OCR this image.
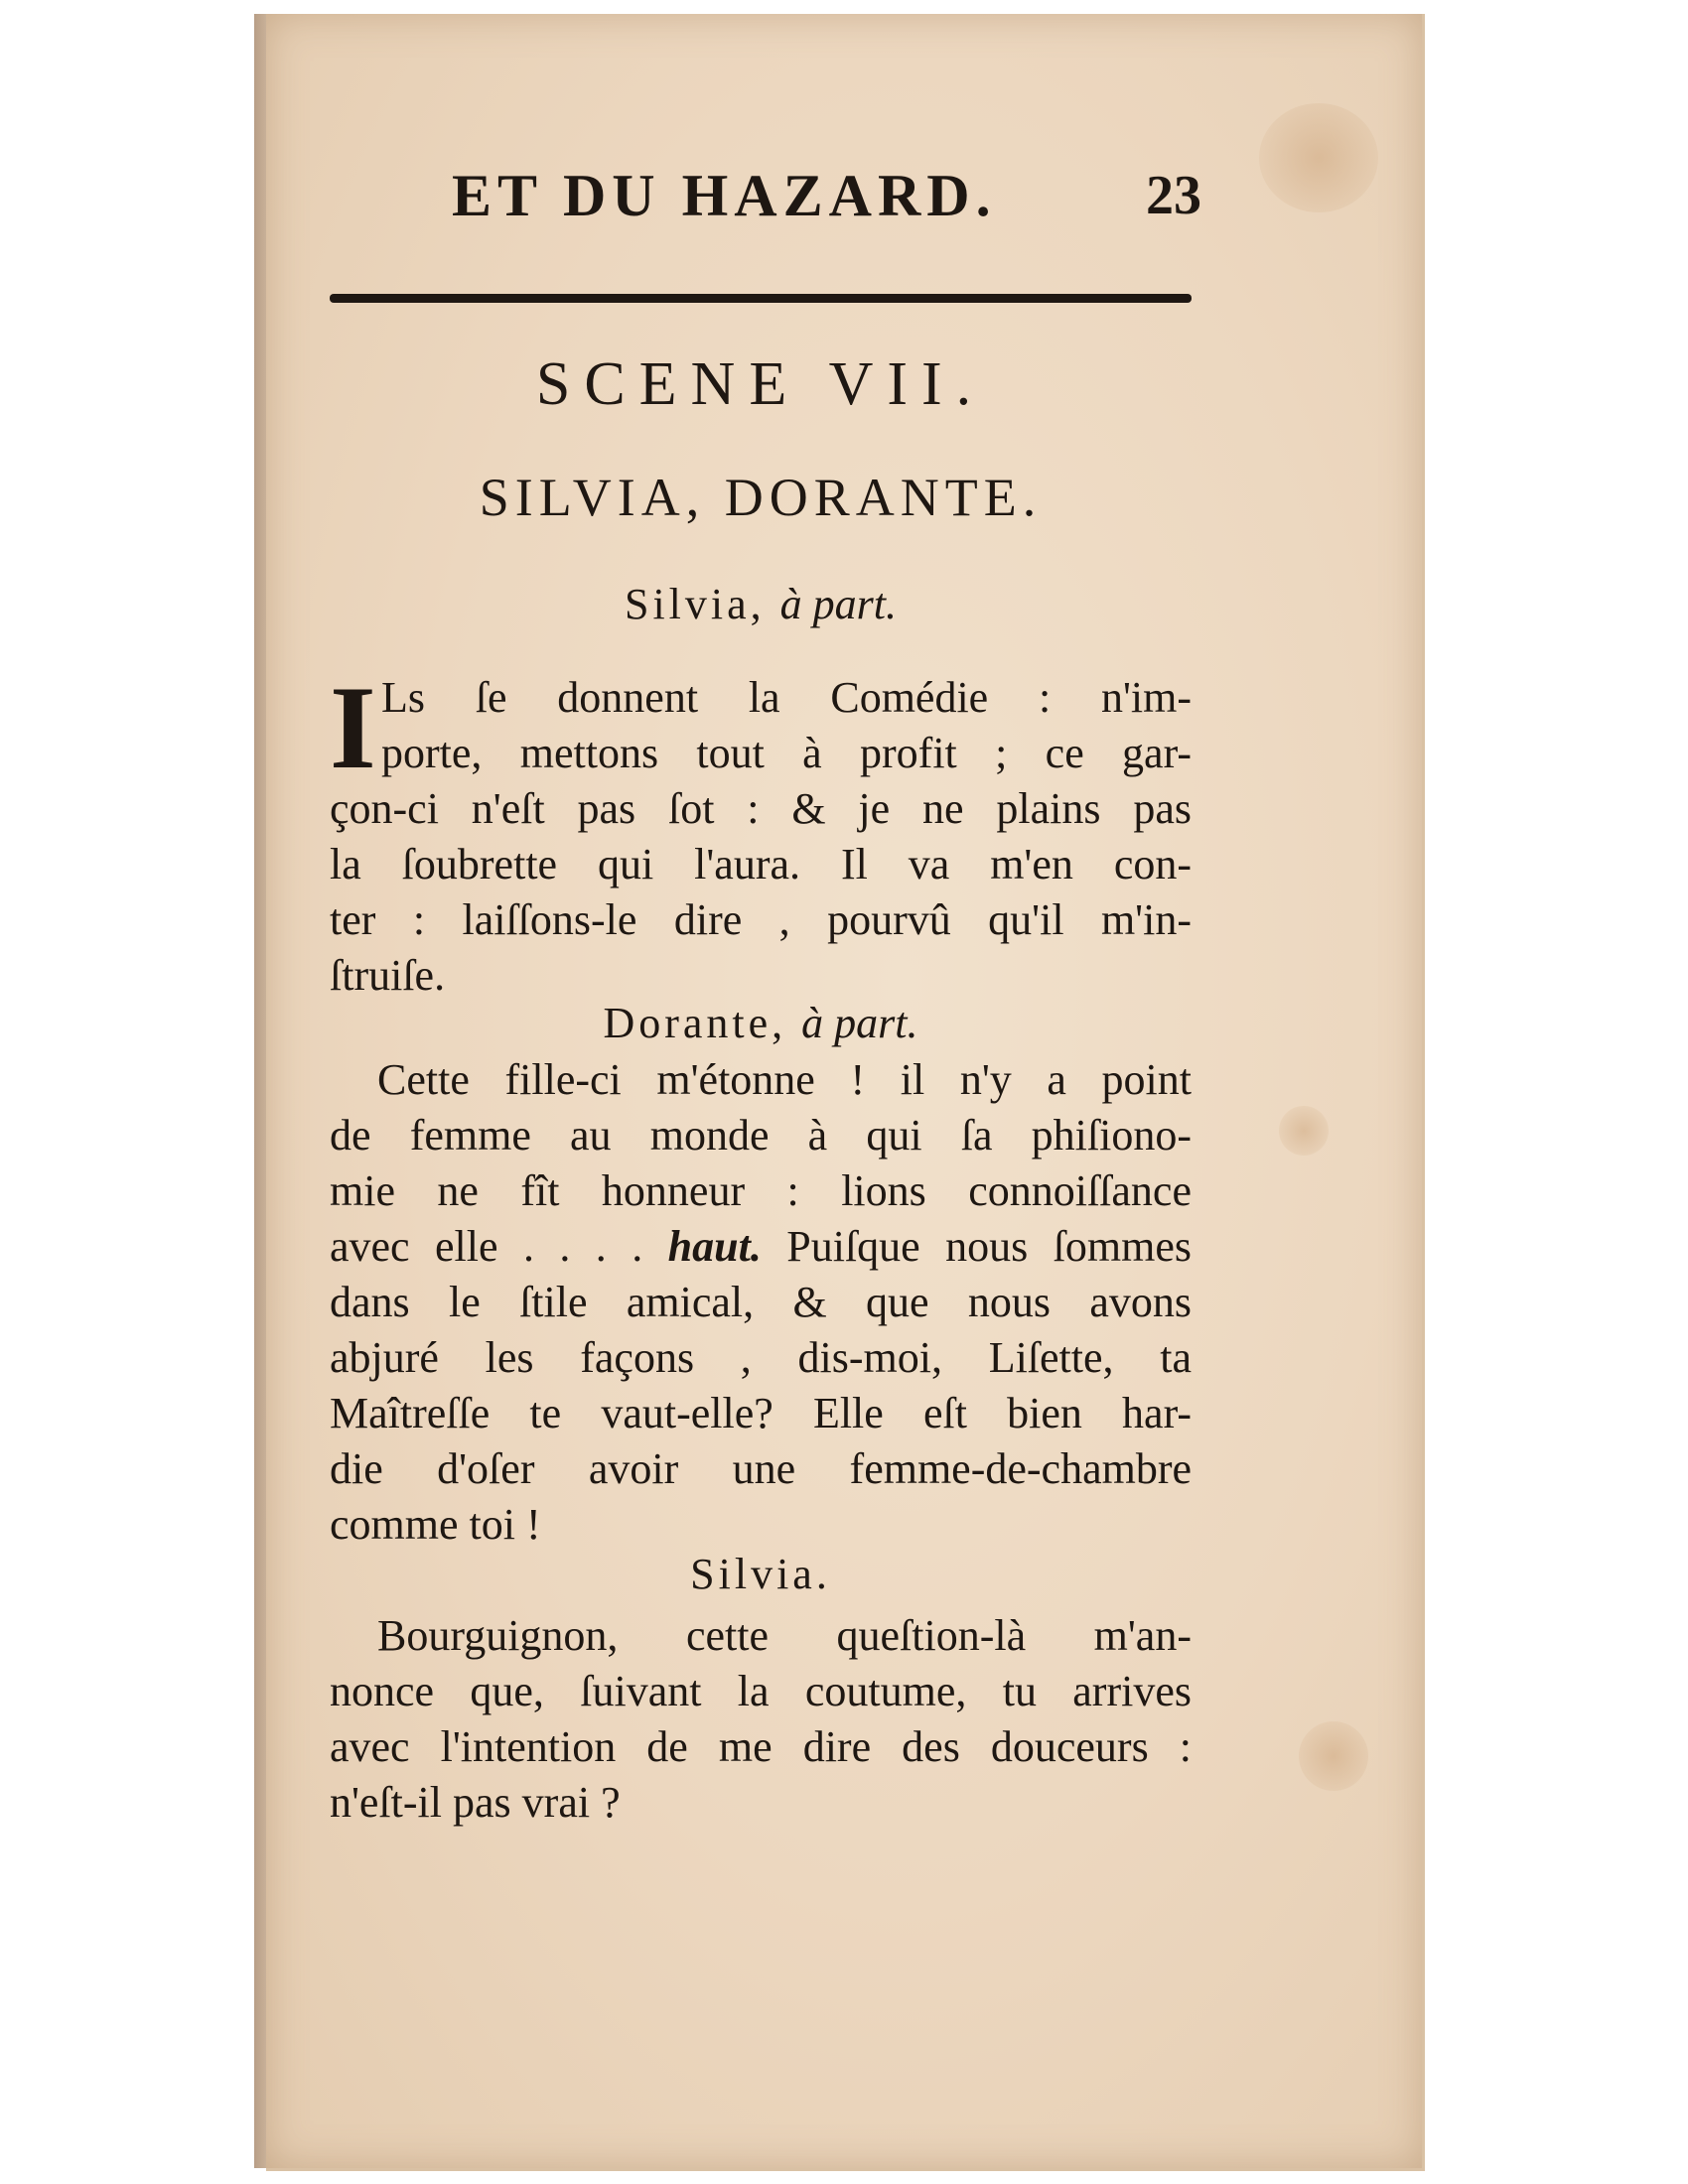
ET DU HAZARD.	23
SCENE VII.
SILVIA, DORANTE.
Silvia, à part.
I Ls ſe donnent la Comédie : n'im-
porte, mettons tout à profit ; ce gar-
çon-ci n'eſt pas ſot : & je ne plains pas
la ſoubrette qui l'aura. Il va m'en con-
ter : laiſſons-le dire , pourvû qu'il m'in-
ſtruiſe.
Dorante, à part.
Cette fille-ci m'étonne ! il n'y a point
de femme au monde à qui ſa phiſiono-
mie ne fît honneur : lions connoiſſance
avec elle . . . . haut. Puiſque nous ſommes
dans le ſtile amical, & que nous avons
abjuré les façons , dis-moi, Liſette, ta
Maîtreſſe te vaut-elle? Elle eſt bien har-
die d'oſer avoir une femme-de-chambre
comme toi !
Silvia.
Bourguignon, cette queſtion-là m'an-
nonce que, ſuivant la coutume, tu arrives
avec l'intention de me dire des douceurs :
n'eſt-il pas vrai ?
